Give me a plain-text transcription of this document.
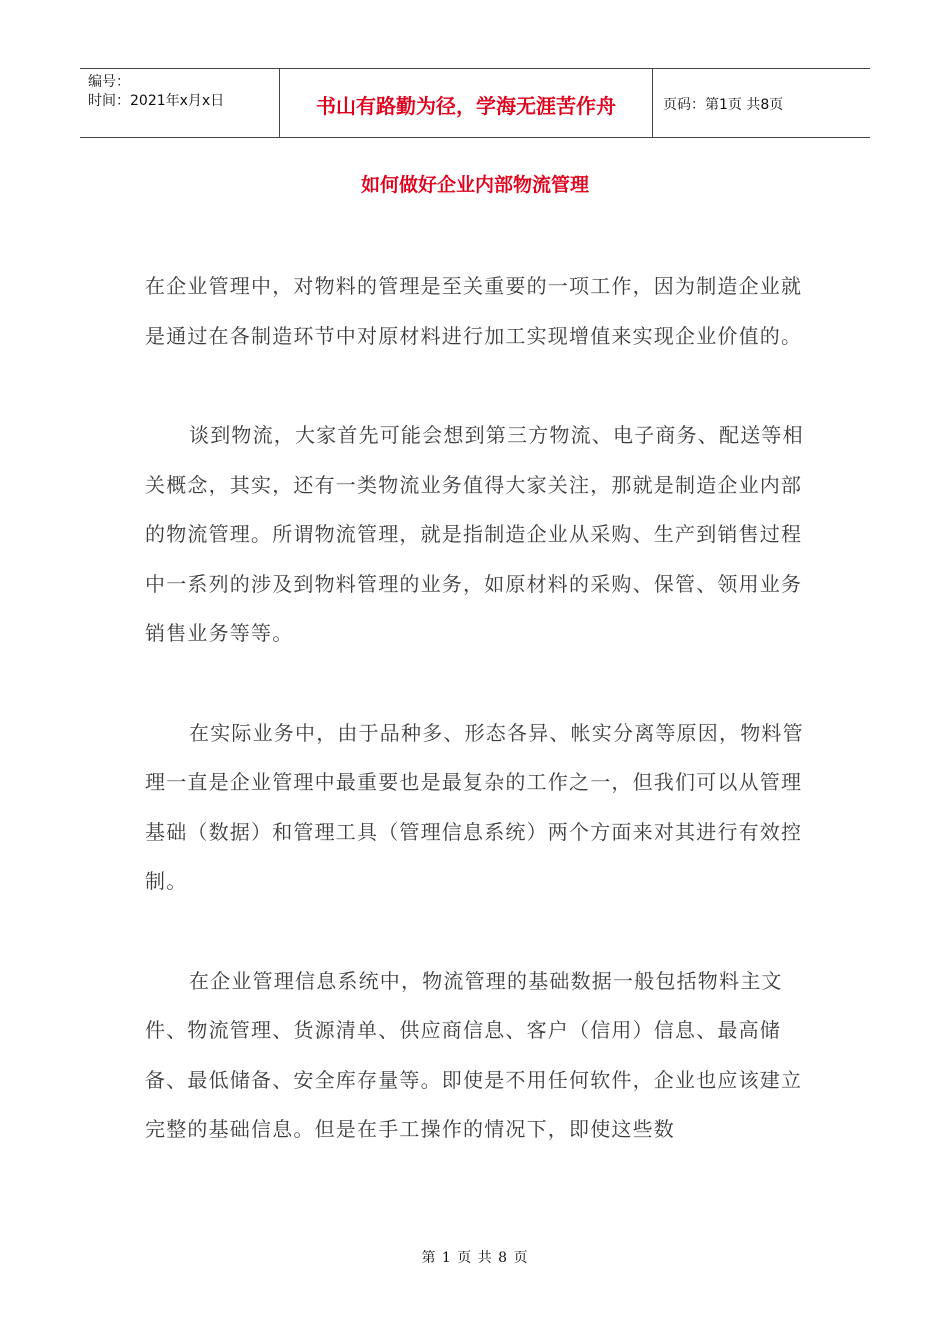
编号：
时间：2021年x月x日	书山有路勤为径，学海无涯苦作舟	页码：第1页 共8页
如何做好企业内部物流管理

在企业管理中，对物料的管理是至关重要的一项工作，因为制造企业就是通过在各制造环节中对原材料进行加工实现增值来实现企业价值的。

谈到物流，大家首先可能会想到第三方物流、电子商务、配送等相关概念，其实，还有一类物流业务值得大家关注，那就是制造企业内部的物流管理。所谓物流管理，就是指制造企业从采购、生产到销售过程中一系列的涉及到物料管理的业务，如原材料的采购、保管、领用业务销售业务等等。

在实际业务中，由于品种多、形态各异、帐实分离等原因，物料管理一直是企业管理中最重要也是最复杂的工作之一，但我们可以从管理基础（数据）和管理工具（管理信息系统）两个方面来对其进行有效控制。

在企业管理信息系统中，物流管理的基础数据一般包括物料主文件、物流管理、货源清单、供应商信息、客户（信用）信息、最高储备、最低储备、安全库存量等。即使是不用任何软件，企业也应该建立完整的基础信息。但是在手工操作的情况下，即使这些数

第 1 页 共 8 页
